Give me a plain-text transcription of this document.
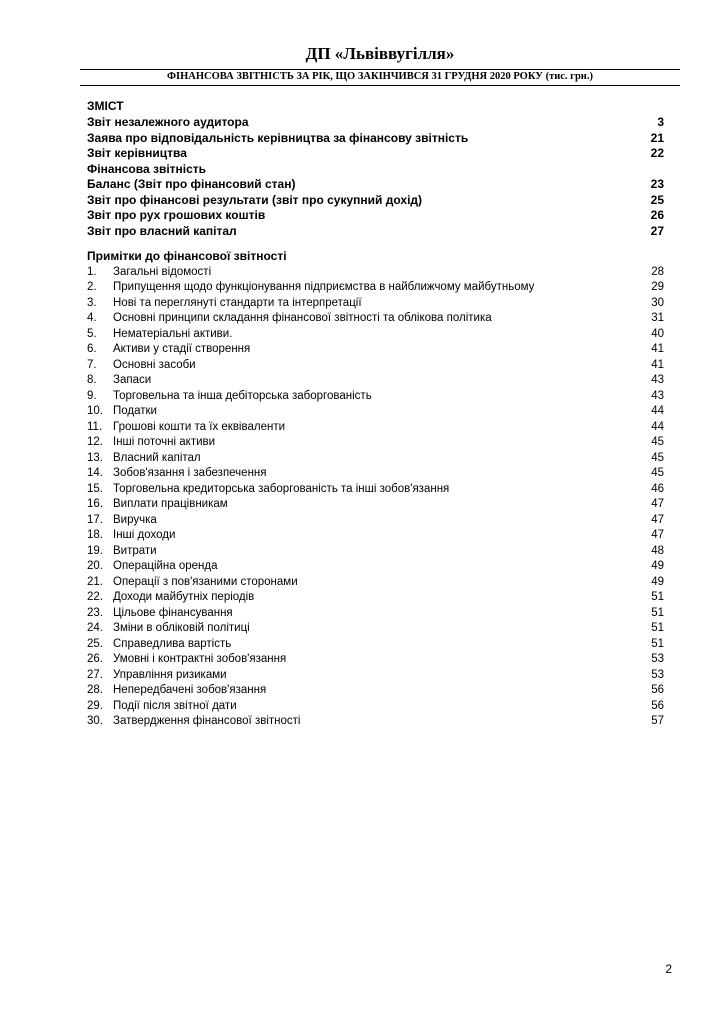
ДП «Львіввугілля»
ФІНАНСОВА ЗВІТНІСТЬ ЗА РІК, ЩО ЗАКІНЧИВСЯ 31 ГРУДНЯ 2020 РОКУ (тис. грн.)
ЗМІСТ
Звіт незалежного аудитора	3
Заява про відповідальність керівництва за фінансову звітність	21
Звіт керівництва	22
Фінансова звітність
Баланс (Звіт про фінансовий стан)	23
Звіт про фінансові результати (звіт про сукупний дохід)	25
Звіт про рух грошових коштів	26
Звіт про власний капітал	27
Примітки до фінансової звітності
1.	Загальні відомості	28
2.	Припущення щодо функціонування підприємства в найближчому майбутньому	29
3.	Нові та переглянуті стандарти та інтерпретації	30
4.	Основні принципи складання фінансової звітності та облікова політика	31
5.	Нематеріальні активи.	40
6.	Активи у стадії створення	41
7.	Основні засоби	41
8.	Запаси	43
9.	Торговельна та інша дебіторська заборгованість	43
10. Податки	44
11. Грошові кошти та їх еквіваленти	44
12. Інші поточні активи	45
13. Власний капітал	45
14. Зобов'язання і забезпечення	45
15. Торговельна кредиторська заборгованість та інші зобов'язання	46
16. Виплати працівникам	47
17. Виручка	47
18. Інші доходи	47
19. Витрати	48
20. Операційна оренда	49
21. Операції з пов'язаними сторонами	49
22. Доходи майбутніх періодів	51
23. Цільове фінансування	51
24. Зміни в обліковій політиці	51
25. Справедлива вартість	51
26. Умовні і контрактні зобов'язання	53
27. Управління ризиками	53
28. Непередбачені зобов'язання	56
29. Події після звітної дати	56
30. Затвердження фінансової звітності	57
2
